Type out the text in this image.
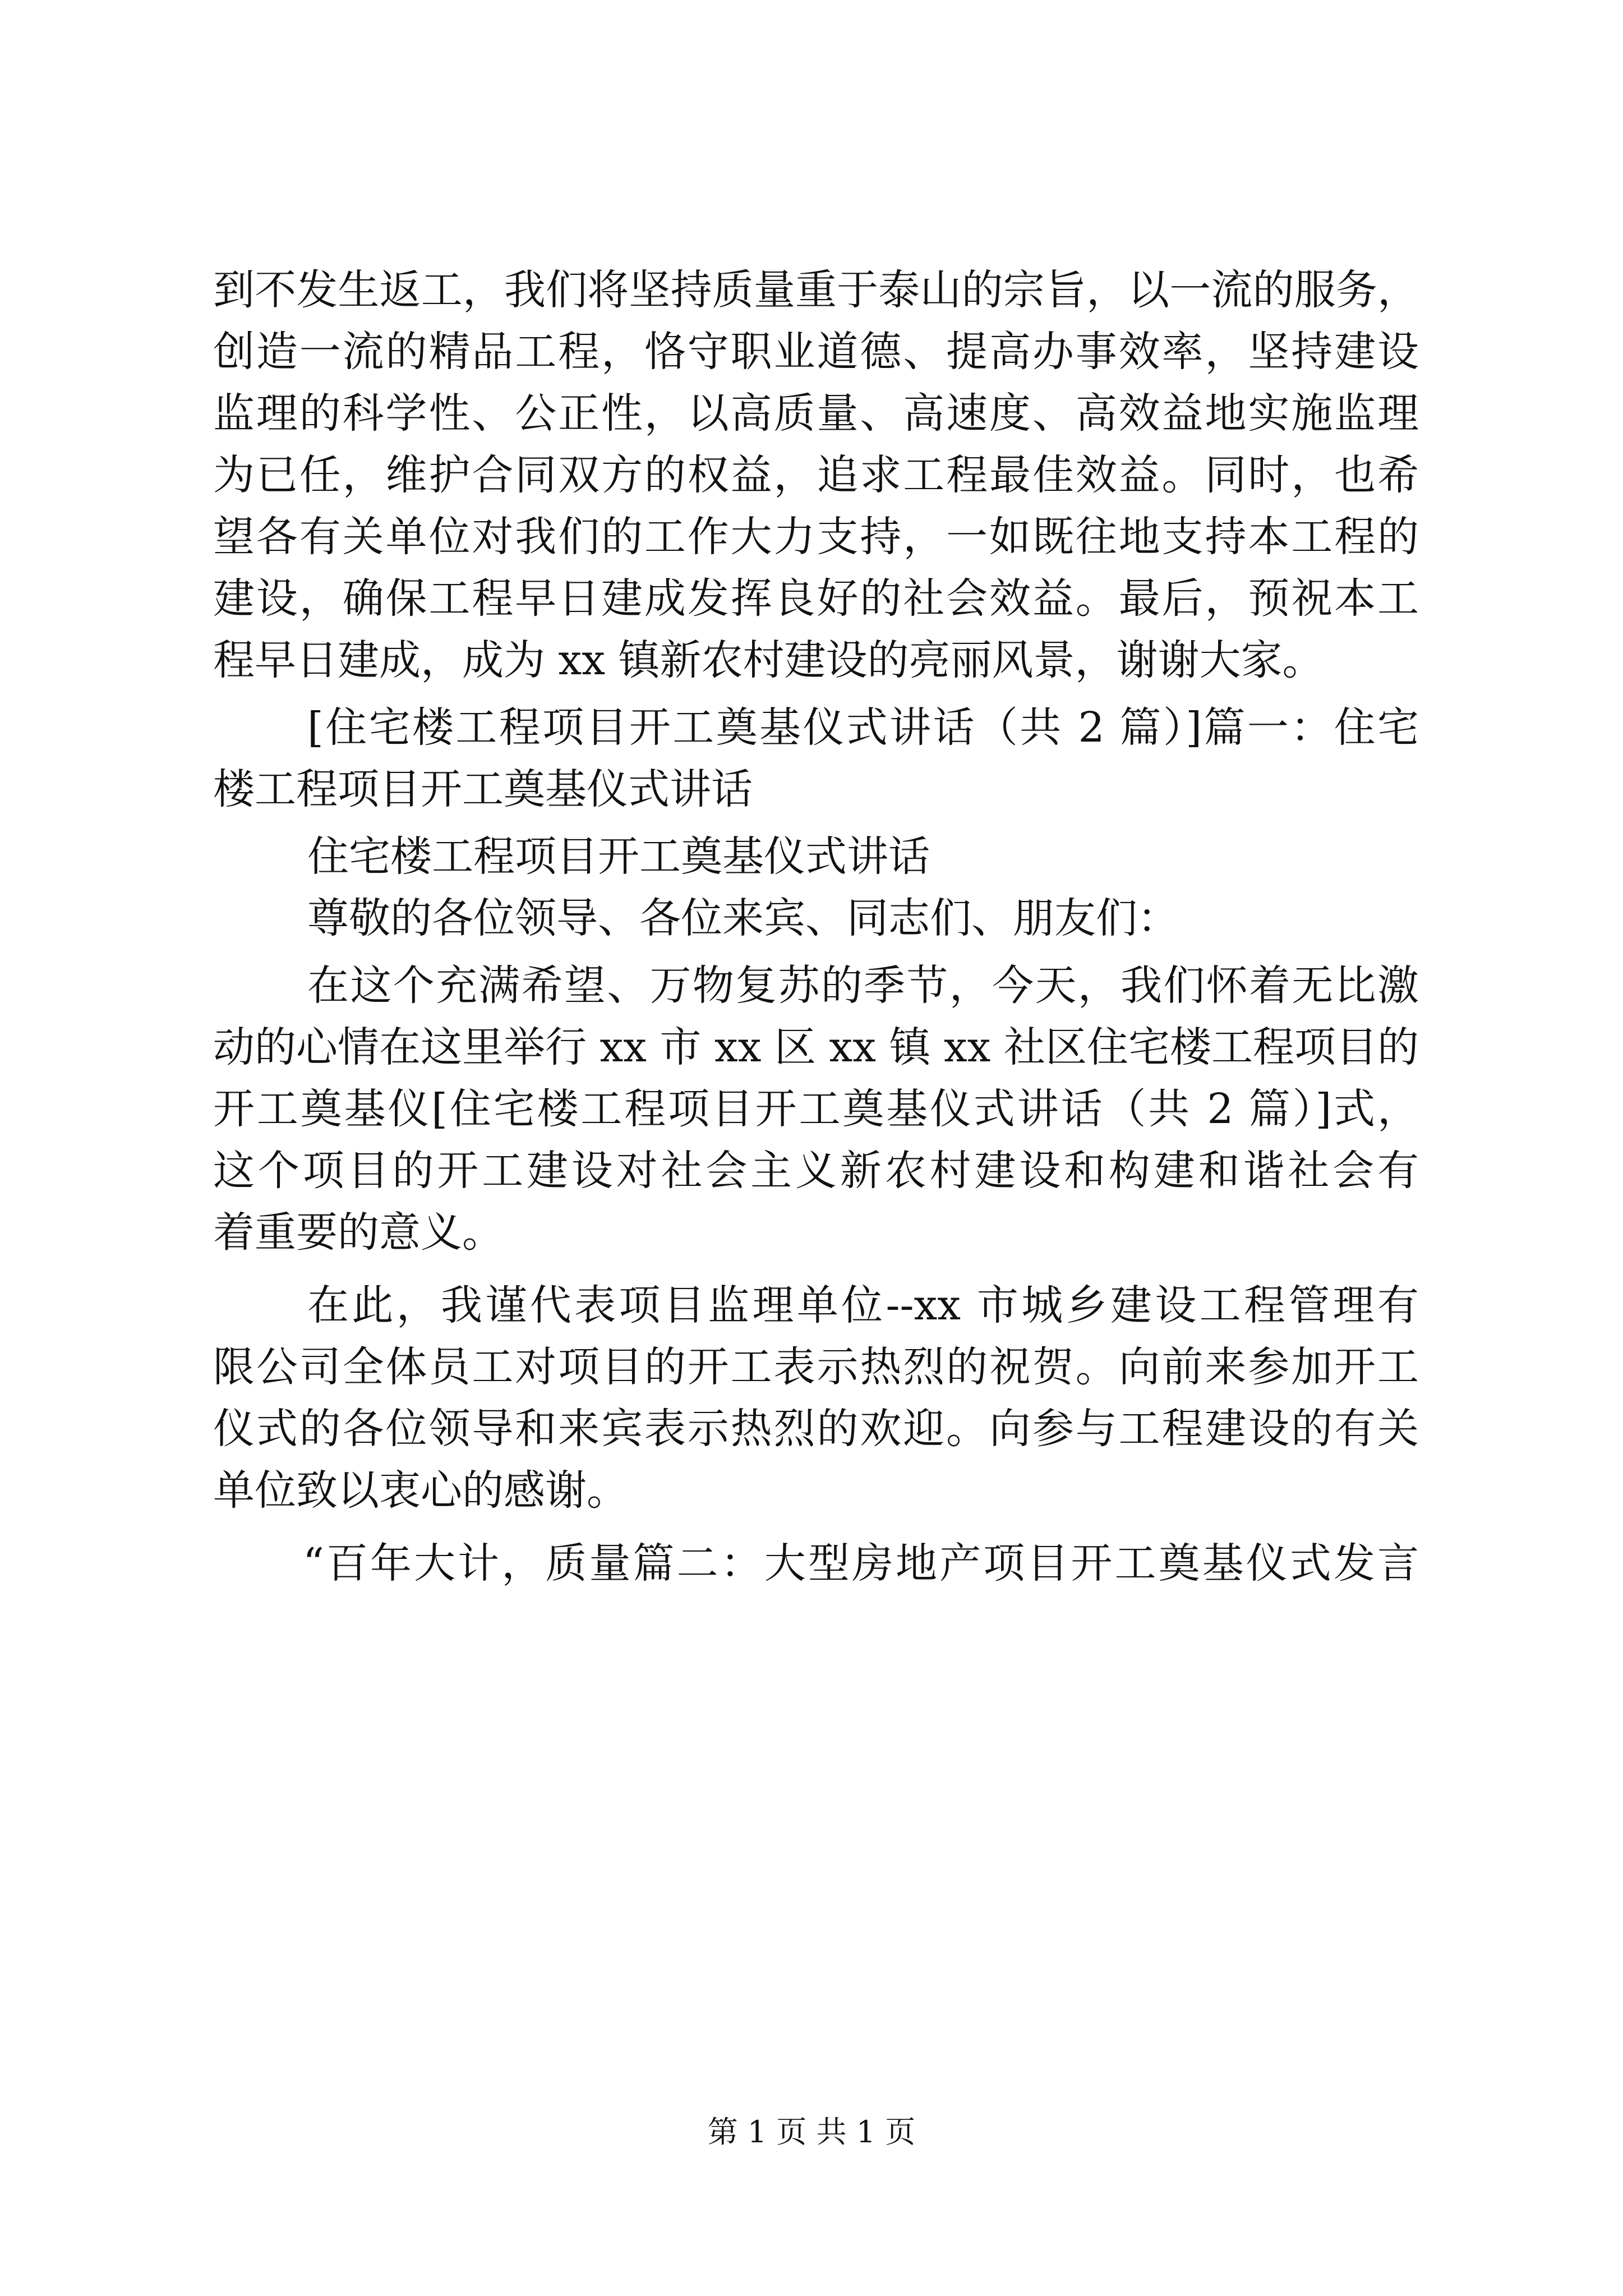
到不发生返工，我们将坚持质量重于泰山的宗旨，以一流的服务，
创造一流的精品工程，恪守职业道德、提高办事效率，坚持建设
监理的科学性、公正性，以高质量、高速度、高效益地实施监理
为已任，维护合同双方的权益，追求工程最佳效益。同时，也希
望各有关单位对我们的工作大力支持，一如既往地支持本工程的
建设，确保工程早日建成发挥良好的社会效益。最后，预祝本工
程早日建成，成为 xx 镇新农村建设的亮丽风景，谢谢大家。
[住宅楼工程项目开工奠基仪式讲话（共 2 篇）]篇一：住宅
楼工程项目开工奠基仪式讲话
住宅楼工程项目开工奠基仪式讲话
尊敬的各位领导、各位来宾、同志们、朋友们：
在这个充满希望、万物复苏的季节，今天，我们怀着无比激
动的心情在这里举行 xx 市 xx 区 xx 镇 xx 社区住宅楼工程项目的
开工奠基仪[住宅楼工程项目开工奠基仪式讲话（共 2 篇）]式，
这个项目的开工建设对社会主义新农村建设和构建和谐社会有
着重要的意义。
在此，我谨代表项目监理单位--xx 市城乡建设工程管理有
限公司全体员工对项目的开工表示热烈的祝贺。向前来参加开工
仪式的各位领导和来宾表示热烈的欢迎。向参与工程建设的有关
单位致以衷心的感谢。
“百年大计，质量篇二：大型房地产项目开工奠基仪式发言
第 1 页 共 1 页
